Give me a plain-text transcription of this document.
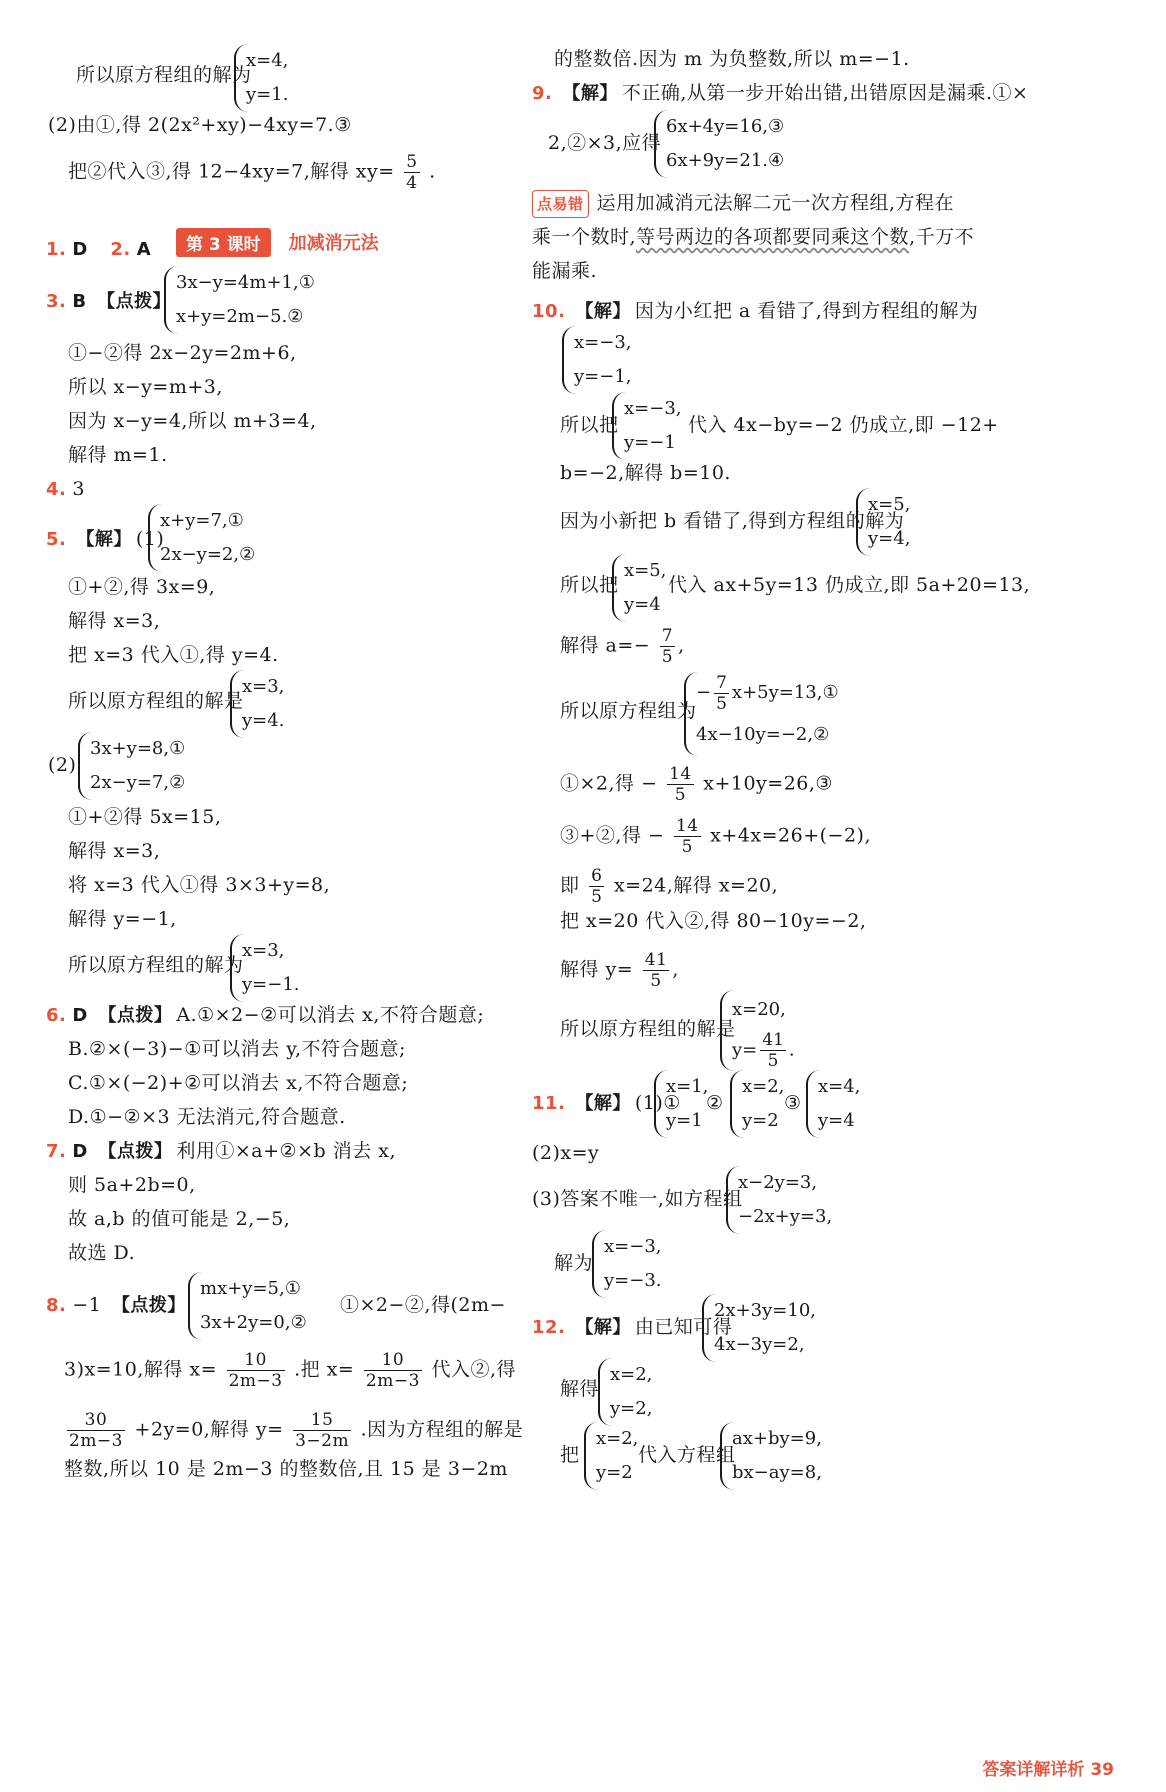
所以原方程组的解为
x=4,
y=1.
(2)由①,得 2(2x²+xy)−4xy=7.③
把②代入③,得 12−4xy=7,解得 $xy= \frac{5}{4}$ .
第 3 课时	加减消元法
1. D 2. A
3. B 【点拨】
3x−y=4m+1,①
x+y=2m−5.②
①−②得 2x−2y=2m+6,
所以 x−y=m+3,
因为 x−y=4,所以 m+3=4,
解得 m=1.
4. 3
5. 【解】 (1)
x+y=7,①
2x−y=2,②
①+②,得 3x=9,
解得 x=3,
把 x=3 代入①,得 y=4.
所以原方程组的解是
x=3,
y=4.
(2)
3x+y=8,①
2x−y=7,②
①+②得 5x=15,
解得 x=3,
将 x=3 代入①得 3×3+y=8,
解得 y=−1,
所以原方程组的解为
x=3,
y=−1.
6. D 【点拨】 A.①×2−②可以消去 x,不符合题意;
B.②×(−3)−①可以消去 y,不符合题意;
C.①×(−2)+②可以消去 x,不符合题意;
D.①−②×3 无法消元,符合题意.
7. D 【点拨】 利用①×a+②×b 消去 x,
则 5a+2b=0,
故 a,b 的值可能是 2,−5,
故选 D.
8. −1 【点拨】
mx+y=5,①
3x+2y=0,②
①×2−②,得(2m−
3)x=10,解得 $x= \frac{10}{2m-3}$ .把 $x= \frac{10}{2m-3}$ 代入②,得
$\frac{30}{2m-3} +2y=0$,解得 $y= \frac{15}{3-2m}$ .因为方程组的解是
整数,所以 10 是 2m−3 的整数倍,且 15 是 3−2m
的整数倍.因为 m 为负整数,所以 m=−1.
9. 【解】 不正确,从第一步开始出错,出错原因是漏乘.①×
2,②×3,应得
6x+4y=16,③
6x+9y=21.④
点易错 运用加减消元法解二元一次方程组,方程在
乘一个数时,等号两边的各项都要同乘这个数,千万不
能漏乘.
10. 【解】 因为小红把 a 看错了,得到方程组的解为
x=−3,
y=−1,
所以把
x=−3,
y=−1
代入 4x−by=−2 仍成立,即 −12+
b=−2,解得 b=10.
因为小新把 b 看错了,得到方程组的解为
x=5,
y=4,
所以把
x=5,
y=4
代入 ax+5y=13 仍成立,即 5a+20=13,
解得 $a=- \frac{7}{5}$ ,
所以原方程组为
− $\frac{7}{5}$ x+5y=13,①
4x−10y=−2,②
①×2,得 − $\frac{14}{5}$ x+10y=26,③
③+②,得 − $\frac{14}{5} x+4x=26+(-2)$,
即 $\frac{6}{5} x=24$,解得 x=20,
把 x=20 代入②,得 80−10y=−2,
解得 $y= \frac{41}{5}$ ,
所以原方程组的解是
x=20,
$y= \frac{41}{5}$ .
11. 【解】 (1)①
x=1,
y=1
②
x=2,
y=2
③
x=4,
y=4
(2)x=y
(3)答案不唯一,如方程组
x−2y=3,
−2x+y=3,
解为
x=−3,
y=−3.
12. 【解】 由已知可得
2x+3y=10,
4x−3y=2,
解得
x=2,
y=2,
把
x=2,
y=2
代入方程组
ax+by=9,
bx−ay=8,
答案详解详析 39
